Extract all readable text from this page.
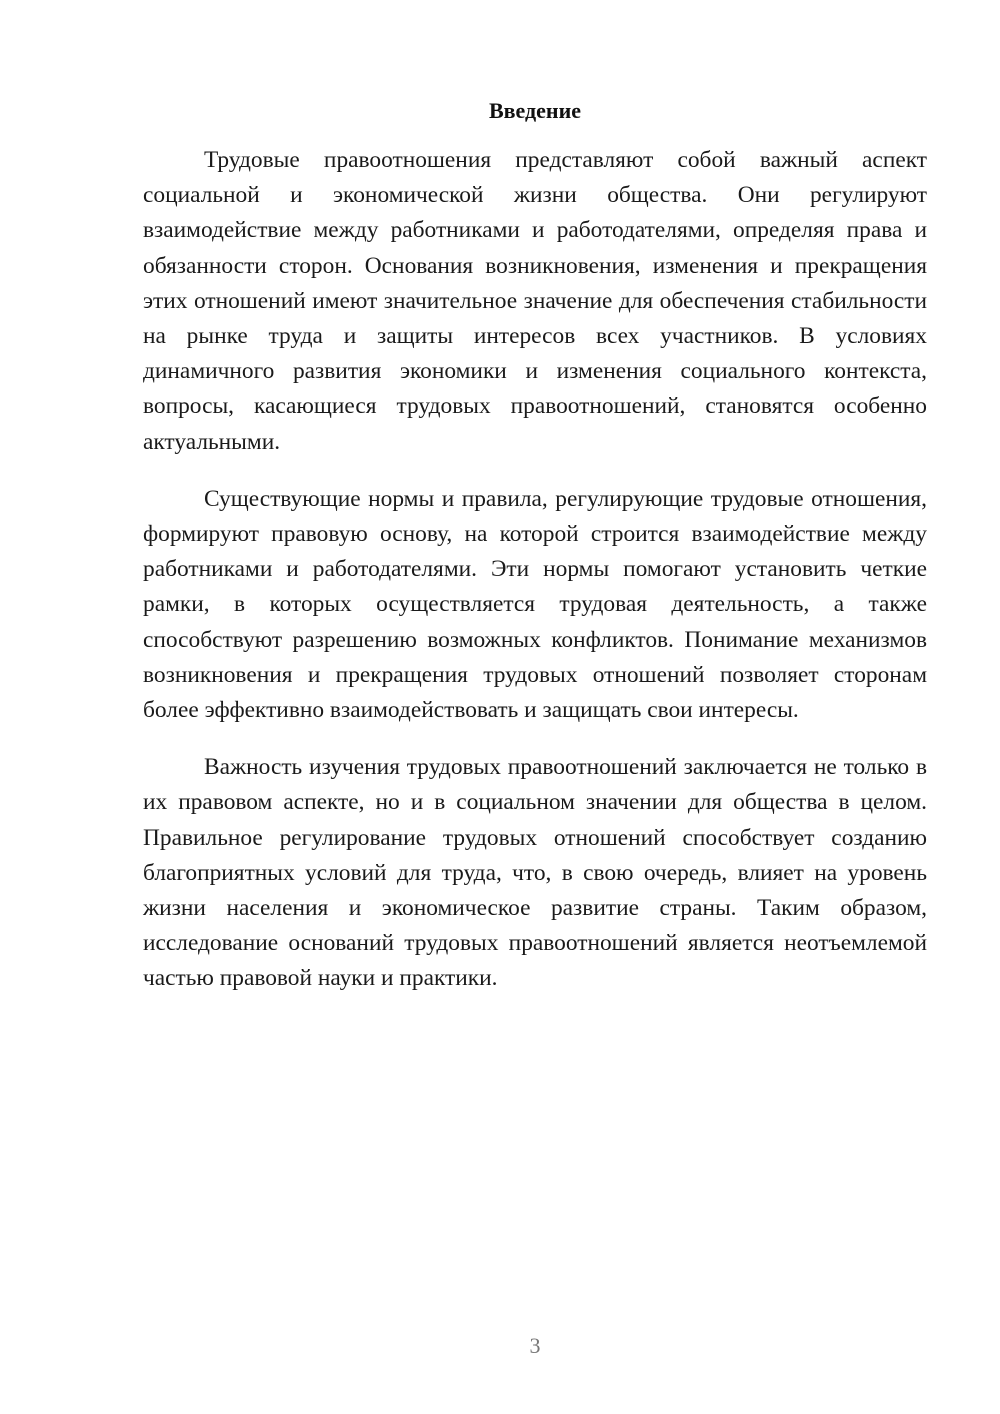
Введение

Трудовые правоотношения представляют собой важный аспект социальной и экономической жизни общества. Они регулируют взаимодействие между работниками и работодателями, определяя права и обязанности сторон. Основания возникновения, изменения и прекращения этих отношений имеют значительное значение для обеспечения стабильности на рынке труда и защиты интересов всех участников. В условиях динамичного развития экономики и изменения социального контекста, вопросы, касающиеся трудовых правоотношений, становятся особенно актуальными.

Существующие нормы и правила, регулирующие трудовые отношения, формируют правовую основу, на которой строится взаимодействие между работниками и работодателями. Эти нормы помогают установить четкие рамки, в которых осуществляется трудовая деятельность, а также способствуют разрешению возможных конфликтов. Понимание механизмов возникновения и прекращения трудовых отношений позволяет сторонам более эффективно взаимодействовать и защищать свои интересы.

Важность изучения трудовых правоотношений заключается не только в их правовом аспекте, но и в социальном значении для общества в целом. Правильное регулирование трудовых отношений способствует созданию благоприятных условий для труда, что, в свою очередь, влияет на уровень жизни населения и экономическое развитие страны. Таким образом, исследование оснований трудовых правоотношений является неотъемлемой частью правовой науки и практики.

3
